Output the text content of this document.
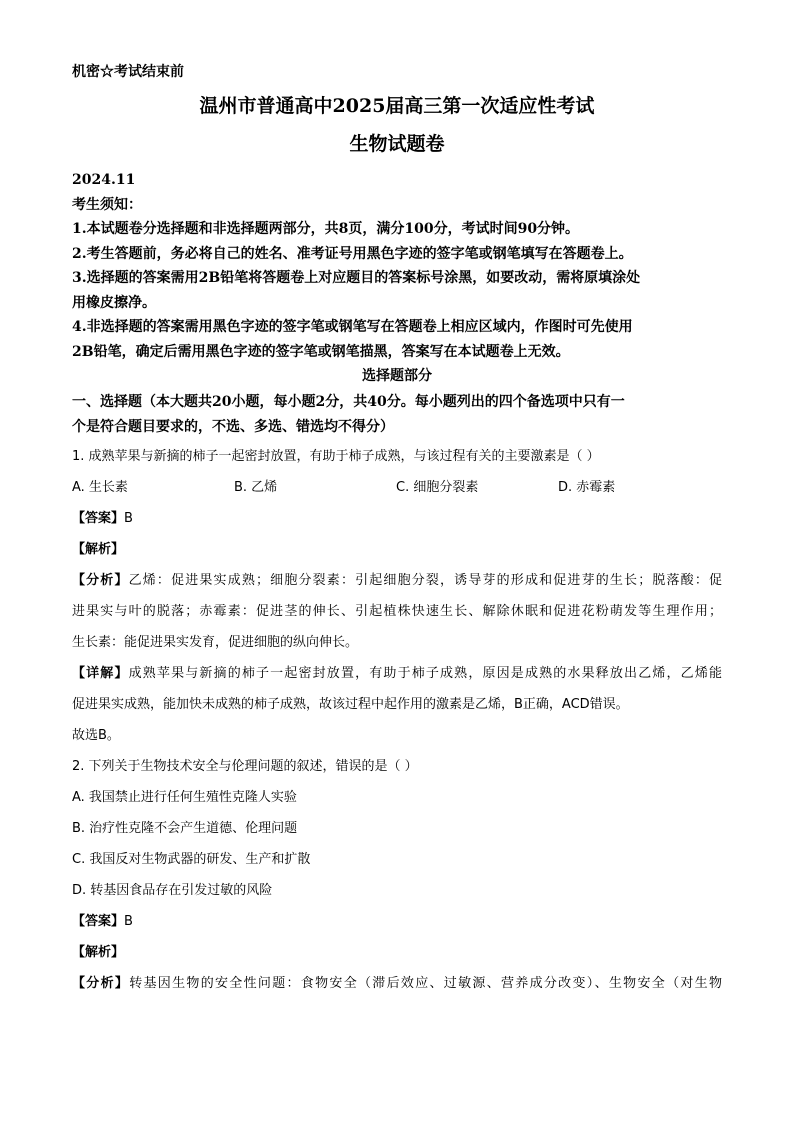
机密☆考试结束前
温州市普通高中2025届高三第一次适应性考试
生物试题卷
2024.11
考生须知：
1.本试题卷分选择题和非选择题两部分，共8页，满分100分，考试时间90分钟。
2.考生答题前，务必将自己的姓名、准考证号用黑色字迹的签字笔或钢笔填写在答题卷上。
3.选择题的答案需用2B铅笔将答题卷上对应题目的答案标号涂黑，如要改动，需将原填涂处
用橡皮擦净。
4.非选择题的答案需用黑色字迹的签字笔或钢笔写在答题卷上相应区域内，作图时可先使用
2B铅笔，确定后需用黑色字迹的签字笔或钢笔描黑，答案写在本试题卷上无效。
选择题部分
一、选择题（本大题共20小题，每小题2分，共40分。每小题列出的四个备选项中只有一
个是符合题目要求的，不选、多选、错选均不得分）
1. 成熟苹果与新摘的柿子一起密封放置，有助于柿子成熟，与该过程有关的主要激素是（ ）
A. 生长素	B. 乙烯	C. 细胞分裂素	D. 赤霉素
【答案】B
【解析】
【分析】乙烯：促进果实成熟；细胞分裂素：引起细胞分裂，诱导芽的形成和促进芽的生长；脱落酸：促
进果实与叶的脱落；赤霉素：促进茎的伸长、引起植株快速生长、解除休眠和促进花粉萌发等生理作用；
生长素：能促进果实发育，促进细胞的纵向伸长。
【详解】成熟苹果与新摘的柿子一起密封放置，有助于柿子成熟，原因是成熟的水果释放出乙烯，乙烯能
促进果实成熟，能加快未成熟的柿子成熟，故该过程中起作用的激素是乙烯，B正确，ACD错误。
故选B。
2. 下列关于生物技术安全与伦理问题的叙述，错误的是（ ）
A. 我国禁止进行任何生殖性克隆人实验
B. 治疗性克隆不会产生道德、伦理问题
C. 我国反对生物武器的研发、生产和扩散
D. 转基因食品存在引发过敏的风险
【答案】B
【解析】
【分析】转基因生物的安全性问题：食物安全（滞后效应、过敏源、营养成分改变）、生物安全（对生物
